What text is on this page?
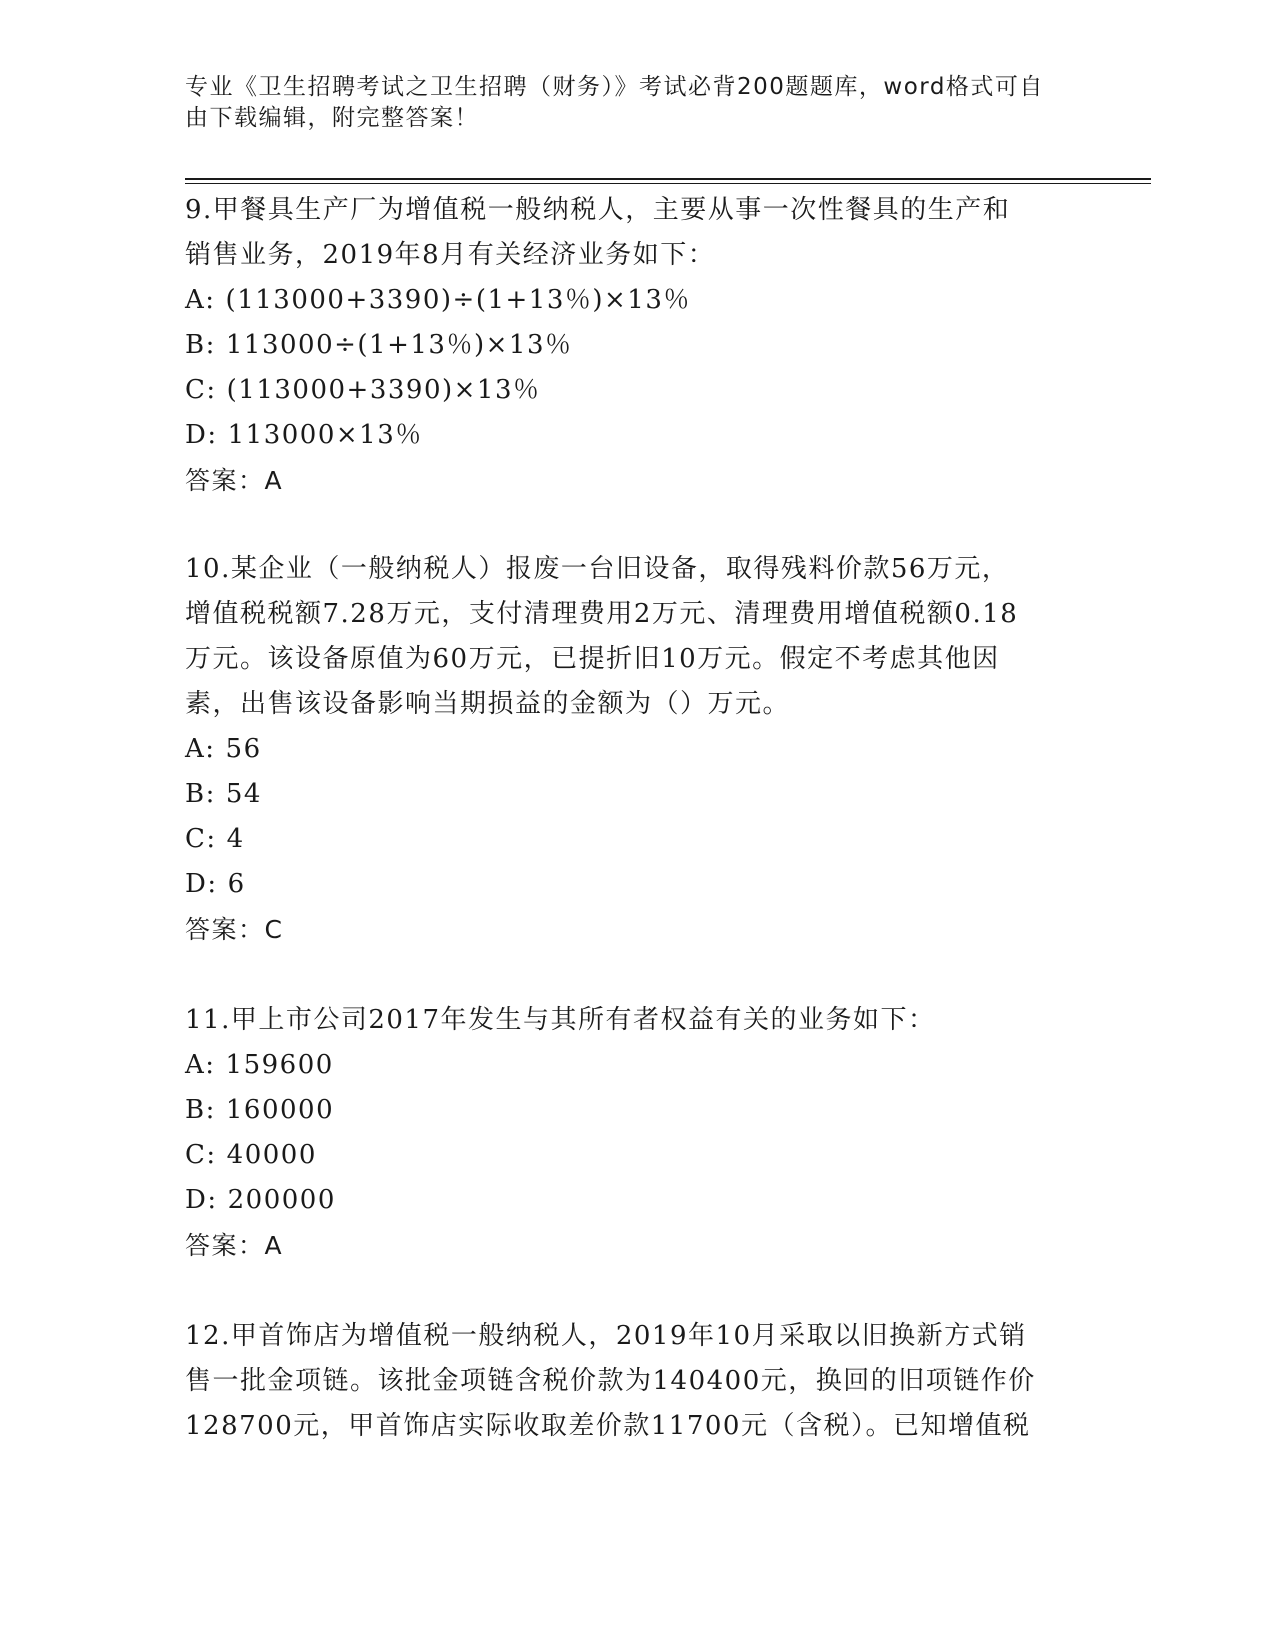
专业《卫生招聘考试之卫生招聘（财务）》考试必背200题题库，word格式可自
由下载编辑，附完整答案！

9.甲餐具生产厂为增值税一般纳税人，主要从事一次性餐具的生产和

销售业务，2019年8月有关经济业务如下：

A: (113000+3390)÷(1+13％)×13％

B: 113000÷(1+13％)×13％

C: (113000+3390)×13％

D: 113000×13％

答案：A

10.某企业（一般纳税人）报废一台旧设备，取得残料价款56万元，

增值税税额7.28万元，支付清理费用2万元、清理费用增值税额0.18

万元。该设备原值为60万元，已提折旧10万元。假定不考虑其他因

素，出售该设备影响当期损益的金额为（）万元。

A: 56

B: 54

C: 4

D: 6

答案：C

11.甲上市公司2017年发生与其所有者权益有关的业务如下：

A: 159600

B: 160000

C: 40000

D: 200000

答案：A

12.甲首饰店为增值税一般纳税人，2019年10月采取以旧换新方式销

售一批金项链。该批金项链含税价款为140400元，换回的旧项链作价

128700元，甲首饰店实际收取差价款11700元（含税）。已知增值税
